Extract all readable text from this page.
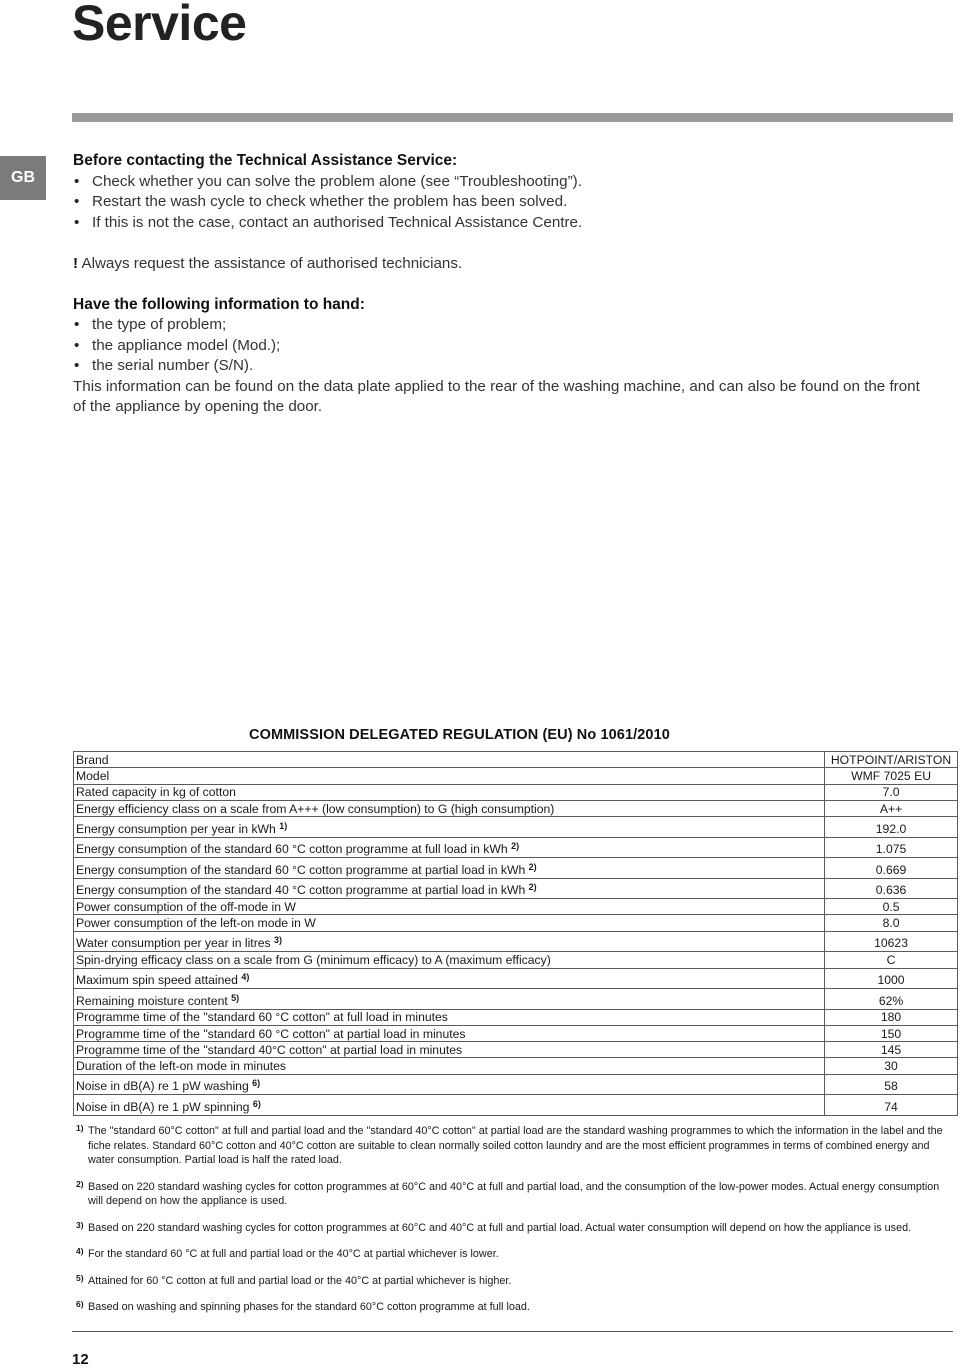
Service
GB
Before contacting the Technical Assistance Service:
• Check whether you can solve the problem alone (see “Troubleshooting”).
• Restart the wash cycle to check whether the problem has been solved.
• If this is not the case, contact an authorised Technical Assistance Centre.
! Always request the assistance of authorised technicians.
Have the following information to hand:
• the type of problem;
• the appliance model (Mod.);
• the serial number (S/N).
This information can be found on the data plate applied to the rear of the washing machine, and can also be found on the front of the appliance by opening the door.
COMMISSION DELEGATED REGULATION (EU) No 1061/2010
Brand	HOTPOINT/ARISTON
Model	WMF 7025 EU
Rated capacity in kg of cotton	7.0
Energy efficiency class on a scale from A+++ (low consumption) to G (high consumption)	A++
Energy consumption per year in kWh $^{1)}$	192.0
Energy consumption of the standard 60 °C cotton programme at full load in kWh $^{2)}$	1.075
Energy consumption of the standard 60 °C cotton programme at partial load in kWh $^{2)}$	0.669
Energy consumption of the standard 40 °C cotton programme at partial load in kWh $^{2)}$	0.636
Power consumption of the off-mode in W	0.5
Power consumption of the left-on mode in W	8.0
Water consumption per year in litres $^{3)}$	10623
Spin-drying efficacy class on a scale from G (minimum efficacy) to A (maximum efficacy)	C
Maximum spin speed attained $^{4)}$	1000
Remaining moisture content $^{5)}$	62%
Programme time of the "standard 60 °C cotton" at full load in minutes	180
Programme time of the "standard 60 °C cotton" at partial load in minutes	150
Programme time of the "standard 40°C cotton" at partial load in minutes	145
Duration of the left-on mode in minutes	30
Noise in dB(A) re 1 pW washing $^{6)}$	58
Noise in dB(A) re 1 pW spinning $^{6)}$	74
1) The "standard 60°C cotton" at full and partial load and the "standard 40°C cotton" at partial load are the standard washing programmes to which the information in the label and the fiche relates. Standard 60°C cotton and 40°C cotton are suitable to clean normally soiled cotton laundry and are the most efficient programmes in terms of combined energy and water consumption. Partial load is half the rated load.
2) Based on 220 standard washing cycles for cotton programmes at 60°C and 40°C at full and partial load, and the consumption of the low-power modes. Actual energy consumption will depend on how the appliance is used.
3) Based on 220 standard washing cycles for cotton programmes at 60°C and 40°C at full and partial load. Actual water consumption will depend on how the appliance is used.
4) For the standard 60 °C at full and partial load or the 40°C at partial whichever is lower.
5) Attained for 60 °C cotton at full and partial load or the 40°C at partial whichever is higher.
6) Based on washing and spinning phases for the standard 60°C cotton programme at full load.
12
